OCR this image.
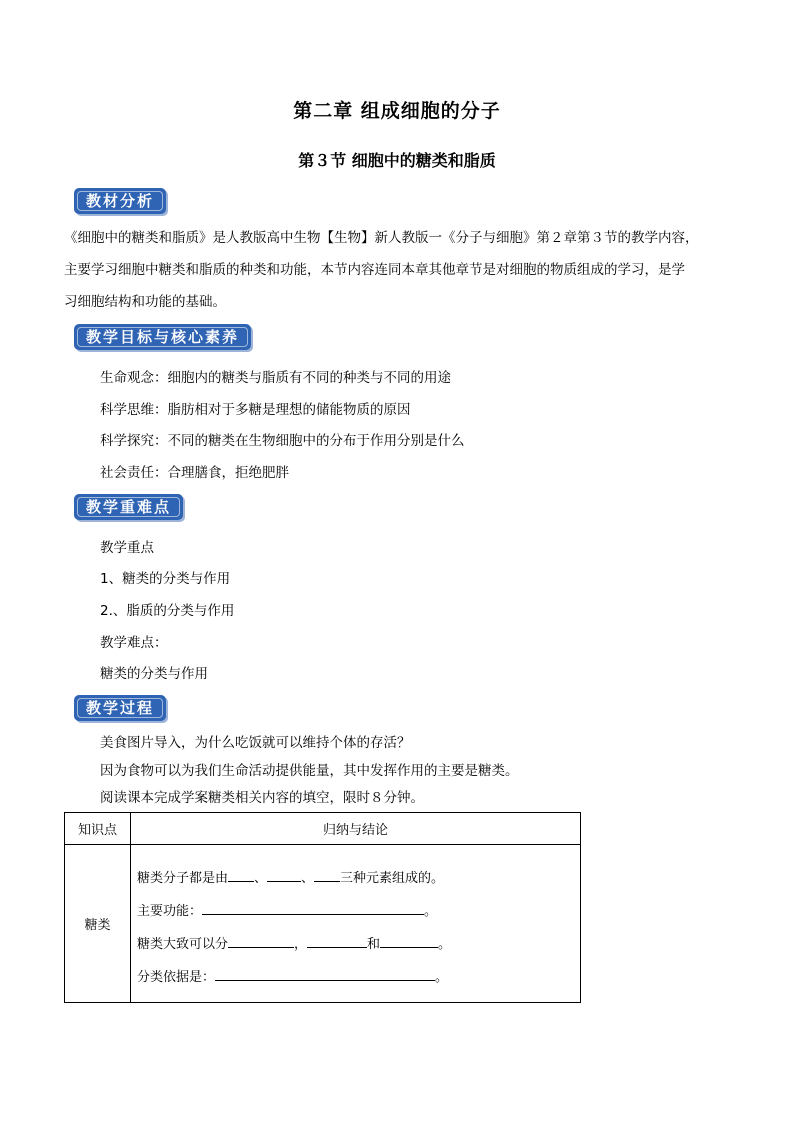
第二章 组成细胞的分子
第３节 细胞中的糖类和脂质
教材分析
《细胞中的糖类和脂质》是人教版高中生物【生物】新人教版一《分子与细胞》第２章第３节的教学内容，
主要学习细胞中糖类和脂质的种类和功能，本节内容连同本章其他章节是对细胞的物质组成的学习，是学
习细胞结构和功能的基础。
教学目标与核心素养
生命观念：细胞内的糖类与脂质有不同的种类与不同的用途
科学思维：脂肪相对于多糖是理想的储能物质的原因
科学探究：不同的糖类在生物细胞中的分布于作用分别是什么
社会责任：合理膳食，拒绝肥胖
教学重难点
教学重点
1、糖类的分类与作用
2.、脂质的分类与作用
教学难点：
糖类的分类与作用
教学过程
美食图片导入，为什么吃饭就可以维持个体的存活？
因为食物可以为我们生命活动提供能量，其中发挥作用的主要是糖类。
阅读课本完成学案糖类相关内容的填空，限时８分钟。
知识点	归纳与结论
糖类	糖类分子都是由 、 、 三种元素组成的。
主要功能： 。
糖类大致可以分 ， 和 。
分类依据是： 。
